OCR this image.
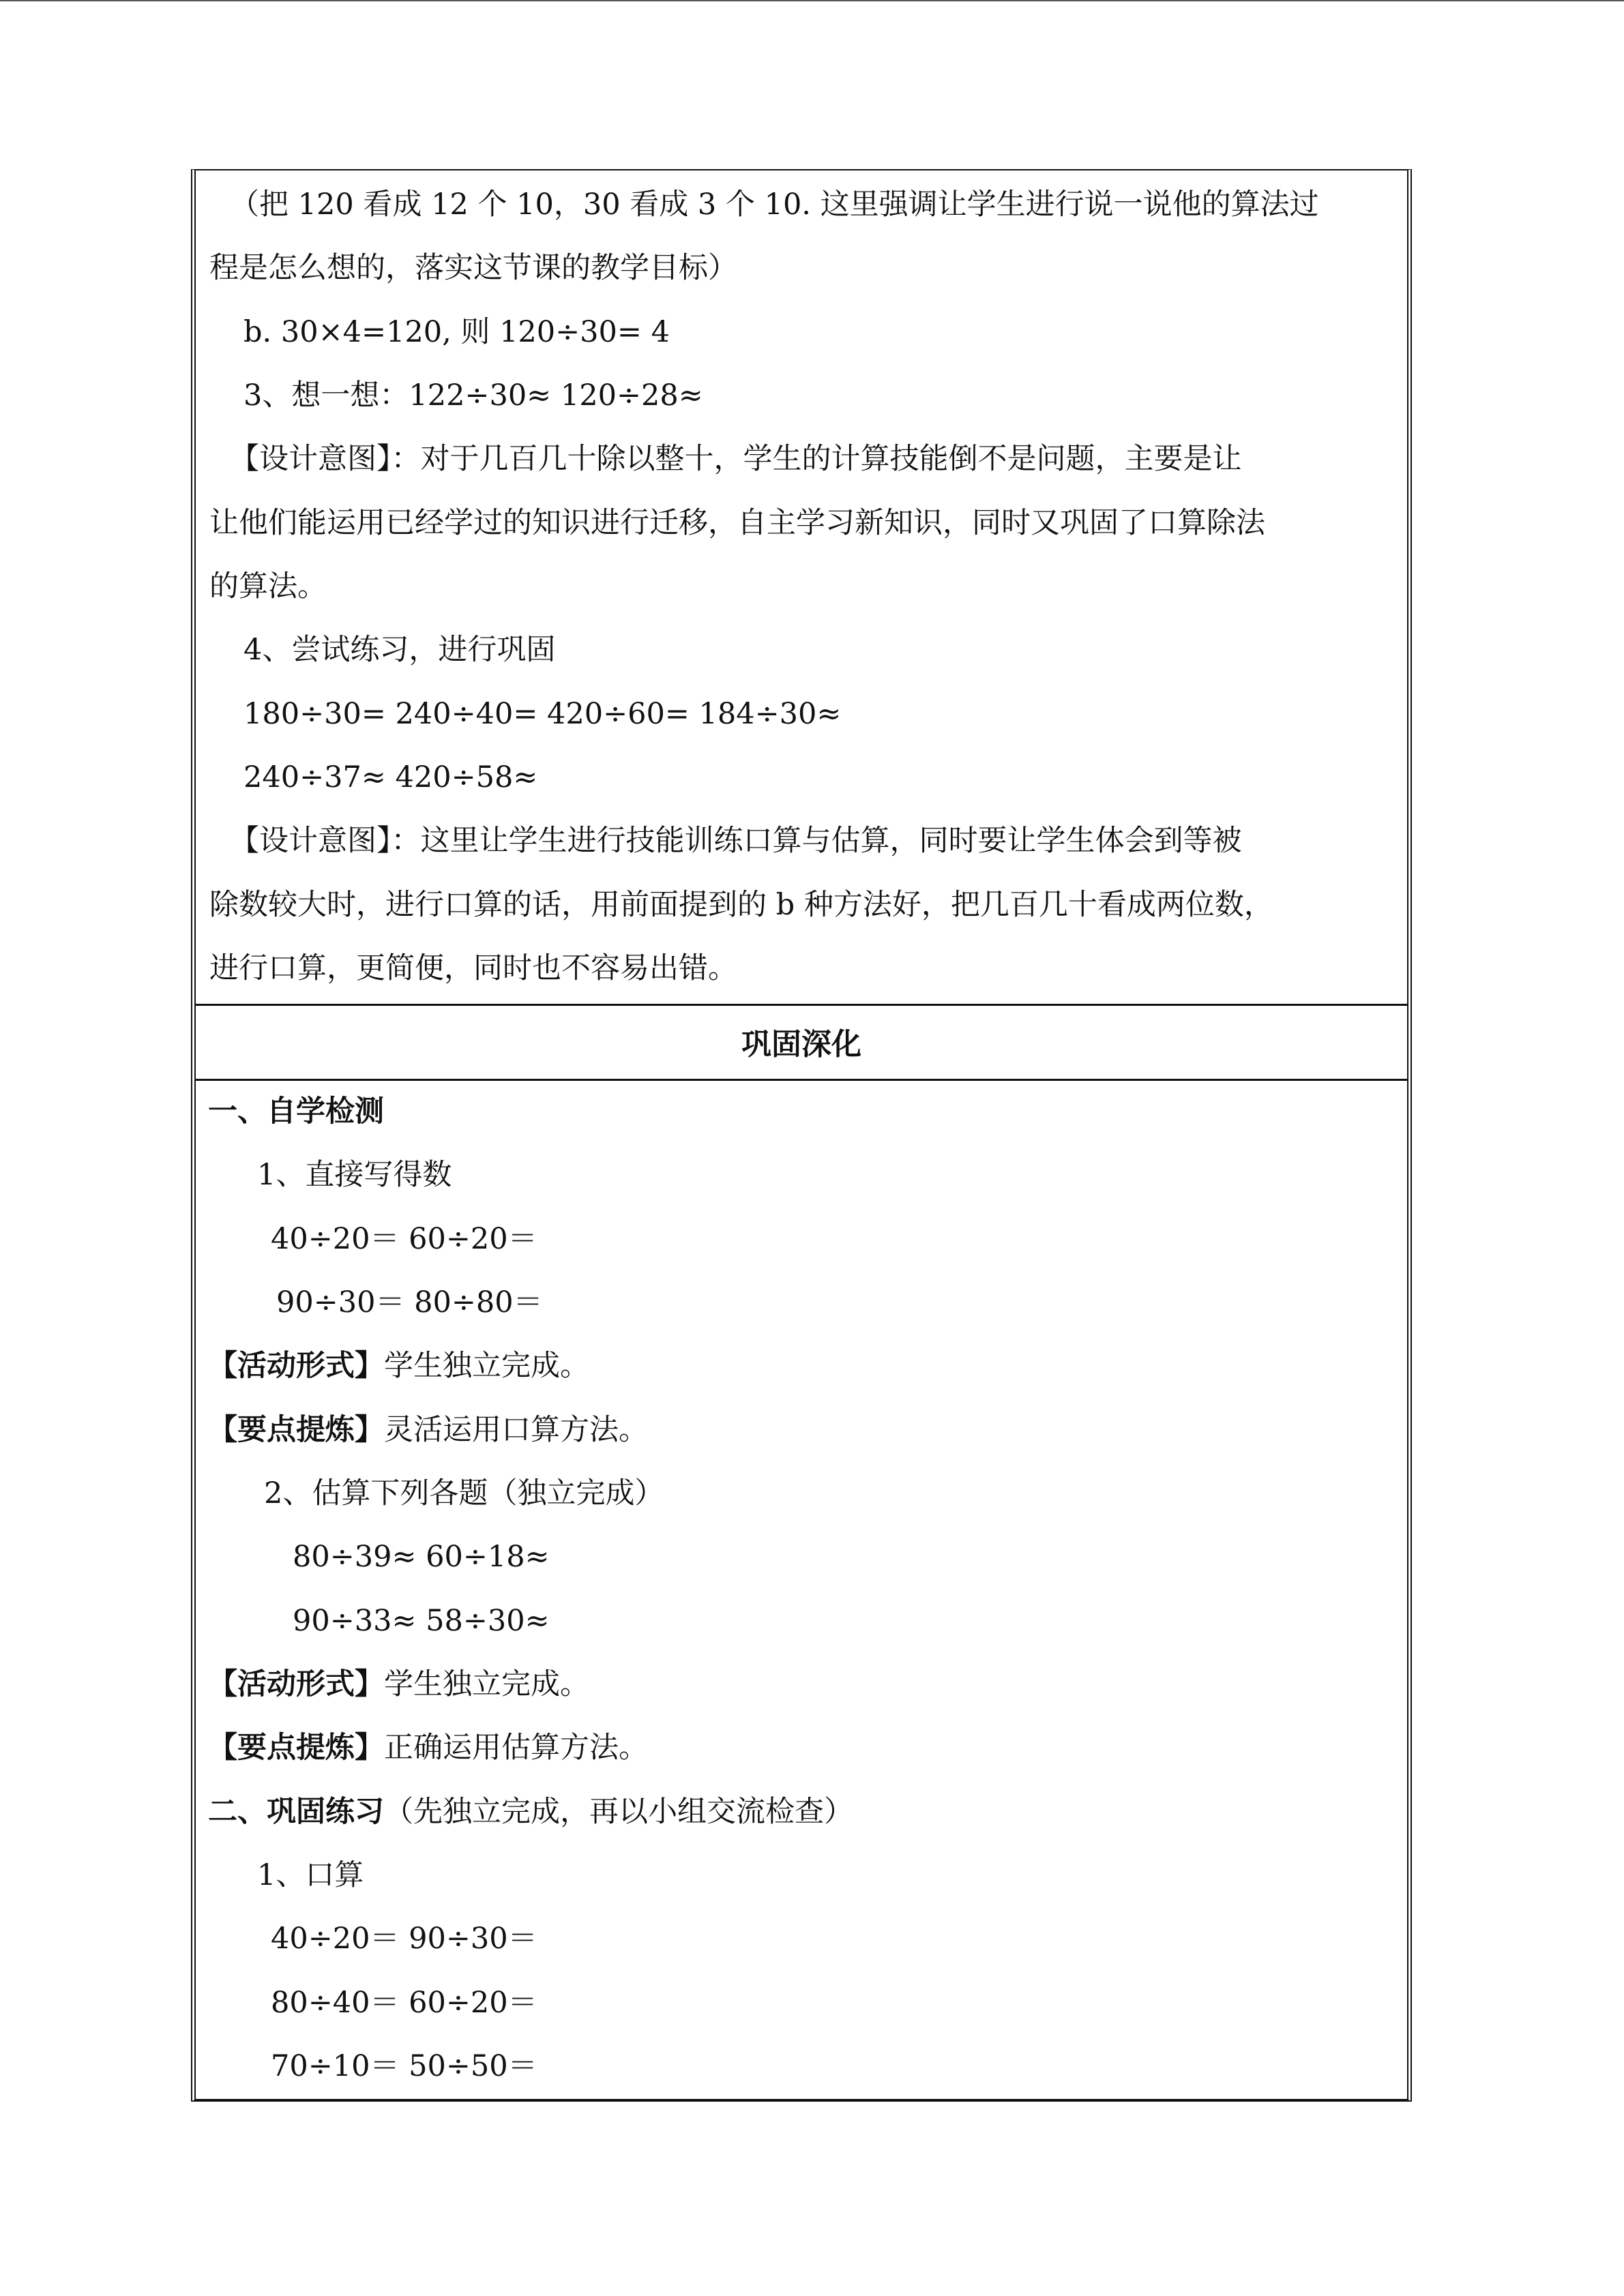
（把 120 看成 12 个 10，30 看成 3 个 10. 这里强调让学生进行说一说他的算法过
程是怎么想的，落实这节课的教学目标）
b. 30×4=120, 则 120÷30= 4
3、想一想：122÷30≈ 120÷28≈
【设计意图】：对于几百几十除以整十，学生的计算技能倒不是问题，主要是让
让他们能运用已经学过的知识进行迁移，自主学习新知识，同时又巩固了口算除法
的算法。
4、尝试练习，进行巩固
180÷30= 240÷40= 420÷60= 184÷30≈
240÷37≈ 420÷58≈
【设计意图】：这里让学生进行技能训练口算与估算，同时要让学生体会到等被
除数较大时，进行口算的话，用前面提到的 b 种方法好，把几百几十看成两位数，
进行口算，更简便，同时也不容易出错。
巩固深化
一、自学检测
1、直接写得数
40÷20＝ 60÷20＝
90÷30＝ 80÷80＝
【活动形式】学生独立完成。
【要点提炼】灵活运用口算方法。
2、估算下列各题（独立完成）
80÷39≈ 60÷18≈
90÷33≈ 58÷30≈
【活动形式】学生独立完成。
【要点提炼】正确运用估算方法。
二、巩固练习（先独立完成，再以小组交流检查）
1、口算
40÷20＝ 90÷30＝
80÷40＝ 60÷20＝
70÷10＝ 50÷50＝
